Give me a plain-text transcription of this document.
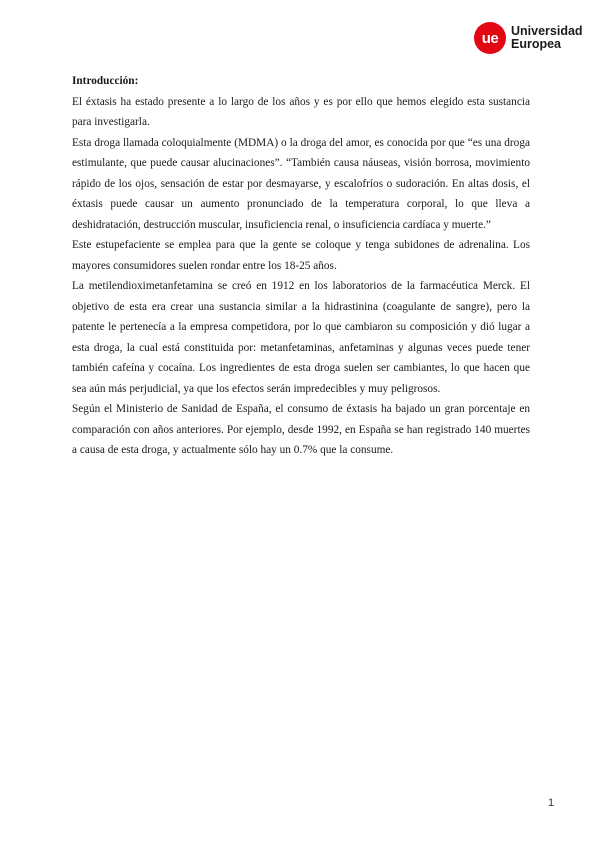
ue	Universidad
Europea

Introducción:

El éxtasis ha estado presente a lo largo de los años y es por ello que hemos elegido esta sustancia para investigarla.

Esta droga llamada coloquialmente (MDMA) o la droga del amor, es conocida por que “es una droga estimulante, que puede causar alucinaciones”. “También causa náuseas, visión borrosa, movimiento rápido de los ojos, sensación de estar por desmayarse, y escalofríos o sudoración. En altas dosis, el éxtasis puede causar un aumento pronunciado de la temperatura corporal, lo que lleva a deshidratación, destrucción muscular, insuficiencia renal, o insuficiencia cardíaca y muerte.”

Este estupefaciente se emplea para que la gente se coloque y tenga subidones de adrenalina. Los mayores consumidores suelen rondar entre los 18-25 años.

La metilendioximetanfetamina se creó en 1912 en los laboratorios de la farmacéutica Merck. El objetivo de esta era crear una sustancia similar a la hidrastinina (coagulante de sangre), pero la patente le pertenecía a la empresa competidora, por lo que cambiaron su composición y dió lugar a esta droga, la cual está constituida por: metanfetaminas, anfetaminas y algunas veces puede tener también cafeína y cocaína. Los ingredientes de esta droga suelen ser cambiantes, lo que hacen que sea aún más perjudicial, ya que los efectos serán impredecibles y muy peligrosos.

Según el Ministerio de Sanidad de España, el consumo de éxtasis ha bajado un gran porcentaje en comparación con años anteriores. Por ejemplo, desde 1992, en España se han registrado 140 muertes a causa de esta droga, y actualmente sólo hay un 0.7% que la consume.

1
